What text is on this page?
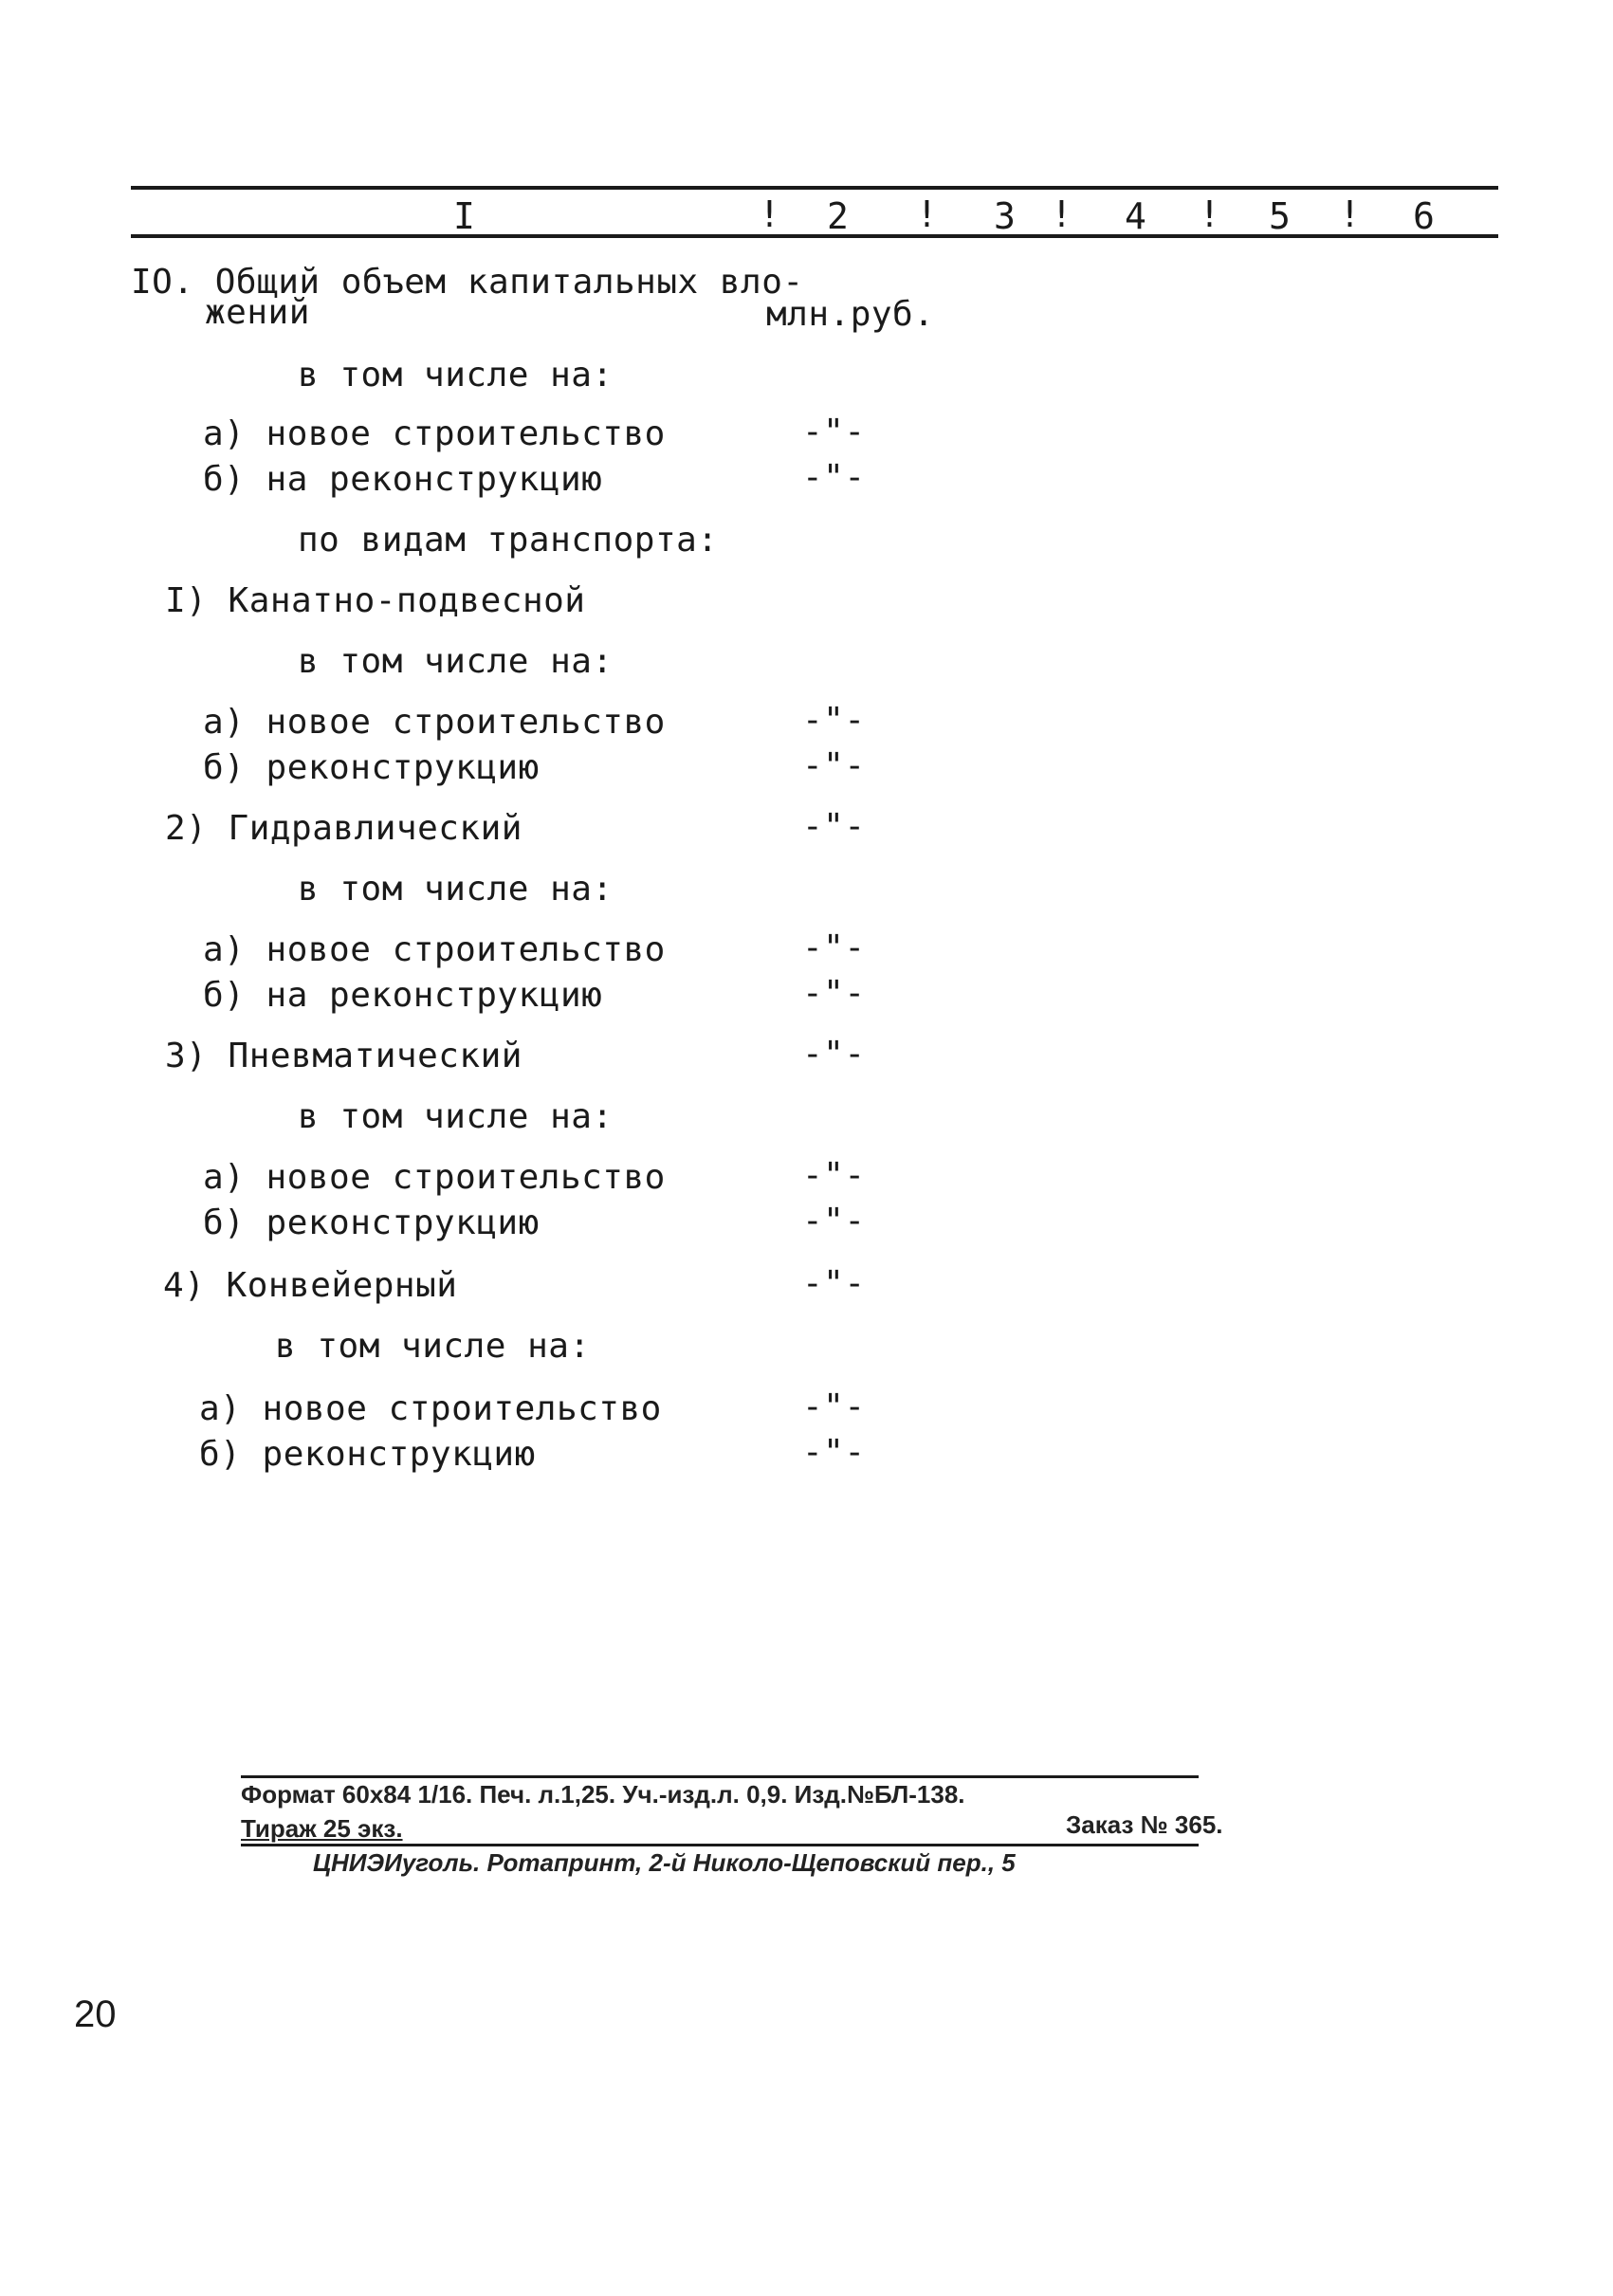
I	! 2 ! 3 ! 4 ! 5 ! 6
IO. Общий объем капитальных вло-
жений	млн.руб.
в том числе на:
а) новое строительство	-"-
б) на реконструкцию	-"-
по видам транспорта:
I) Канатно-подвесной
в том числе на:
а) новое строительство	-"-
б) реконструкцию	-"-
2) Гидравлический	-"-
в том числе на:
а) новое строительство	-"-
б) на реконструкцию	-"-
3) Пневматический	-"-
в том числе на:
а) новое строительство	-"-
б) реконструкцию	-"-
4) Конвейерный	-"-
в том числе на:
а) новое строительство	-"-
б) реконструкцию	-"-
Формат 60х84 1/16. Печ. л.1,25. Уч.-изд.л. 0,9. Изд.№БЛ-138.
Тираж 25 экз.	Заказ № 365.
ЦНИЭИуголь. Ротапринт, 2-й Николо-Щеповский пер., 5
20
